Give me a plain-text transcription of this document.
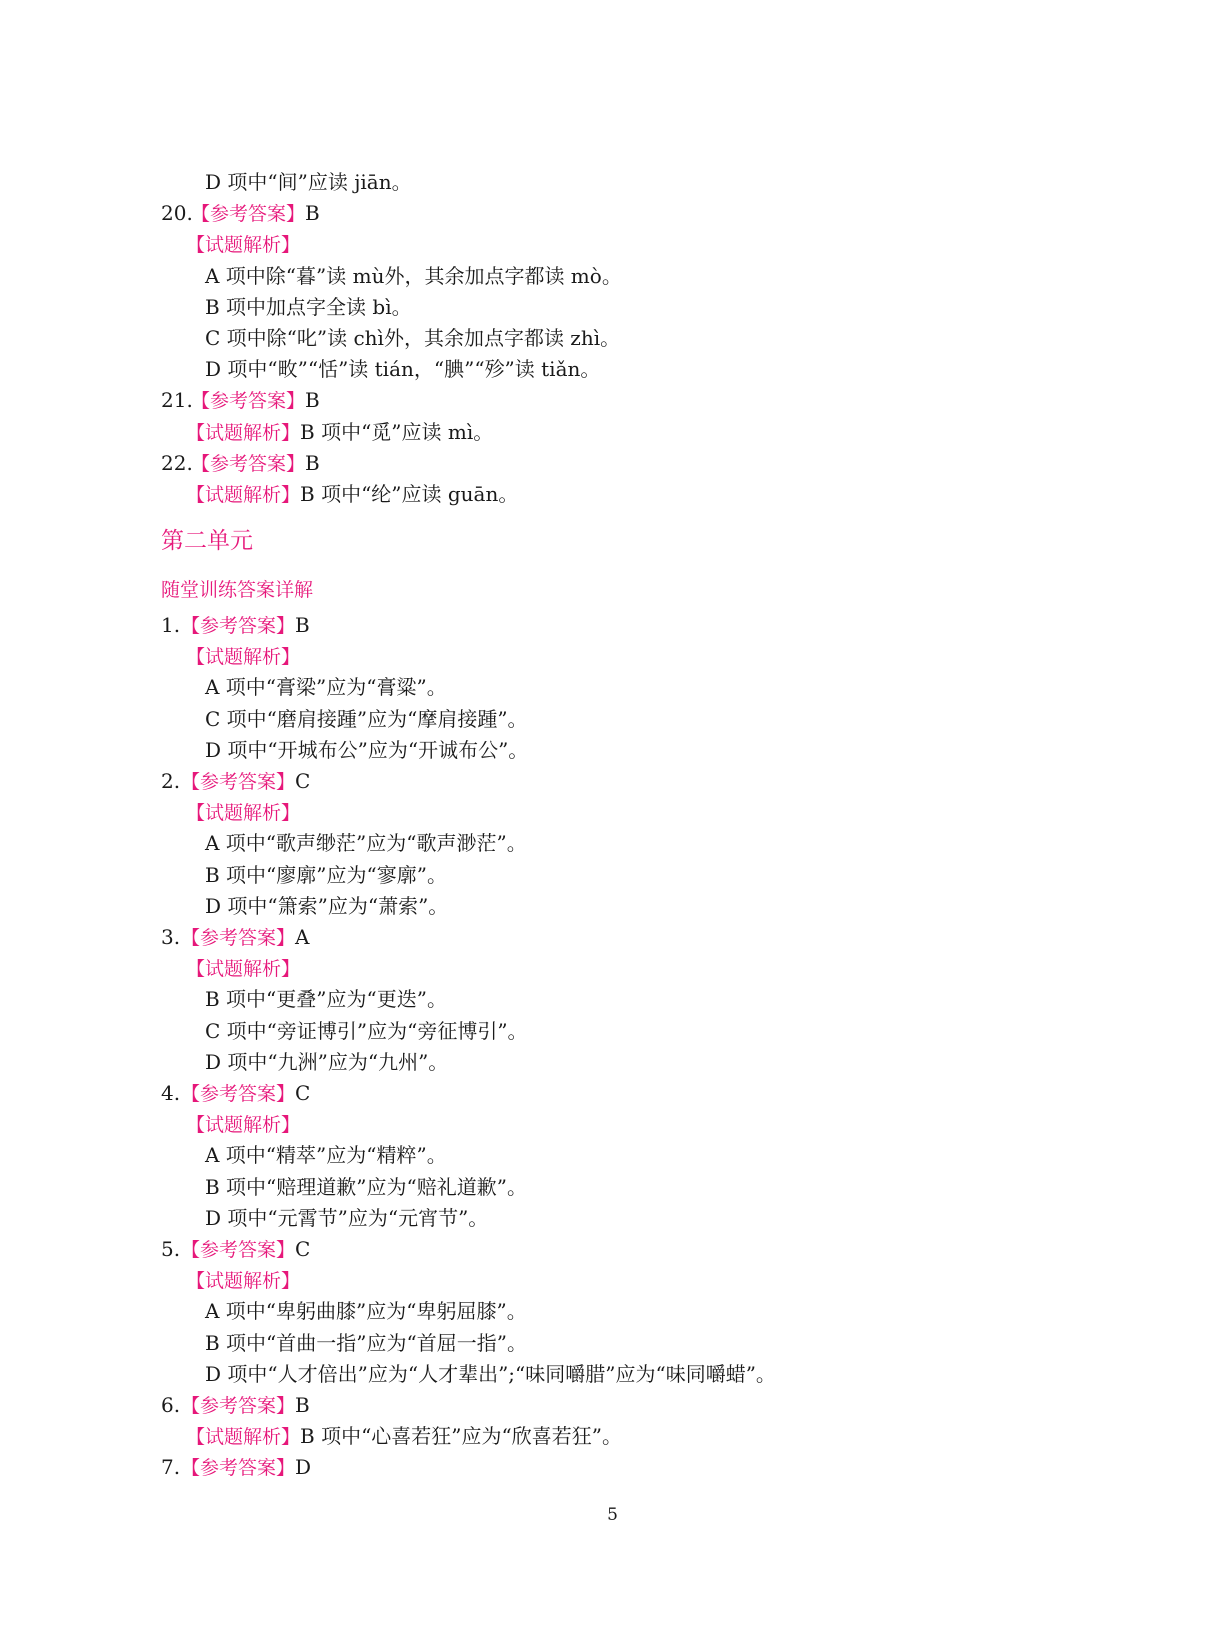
D 项中“间”应读 jiān。
20.【参考答案】B
【试题解析】
A 项中除“暮”读 mù外，其余加点字都读 mò。
B 项中加点字全读 bì。
C 项中除“叱”读 chì外，其余加点字都读 zhì。
D 项中“畋”“恬”读 tián，“腆”“殄”读 tiǎn。
21.【参考答案】B
【试题解析】B 项中“觅”应读 mì。
22.【参考答案】B
【试题解析】B 项中“纶”应读 guān。
第二单元
随堂训练答案详解
1.【参考答案】B
【试题解析】
A 项中“膏梁”应为“膏粱”。
C 项中“磨肩接踵”应为“摩肩接踵”。
D 项中“开城布公”应为“开诚布公”。
2.【参考答案】C
【试题解析】
A 项中“歌声缈茫”应为“歌声渺茫”。
B 项中“廖廓”应为“寥廓”。
D 项中“箫索”应为“萧索”。
3.【参考答案】A
【试题解析】
B 项中“更叠”应为“更迭”。
C 项中“旁证博引”应为“旁征博引”。
D 项中“九洲”应为“九州”。
4.【参考答案】C
【试题解析】
A 项中“精萃”应为“精粹”。
B 项中“赔理道歉”应为“赔礼道歉”。
D 项中“元霄节”应为“元宵节”。
5.【参考答案】C
【试题解析】
A 项中“卑躬曲膝”应为“卑躬屈膝”。
B 项中“首曲一指”应为“首屈一指”。
D 项中“人才倍出”应为“人才辈出”;“味同嚼腊”应为“味同嚼蜡”。
6.【参考答案】B
【试题解析】B 项中“心喜若狂”应为“欣喜若狂”。
7.【参考答案】D
5
